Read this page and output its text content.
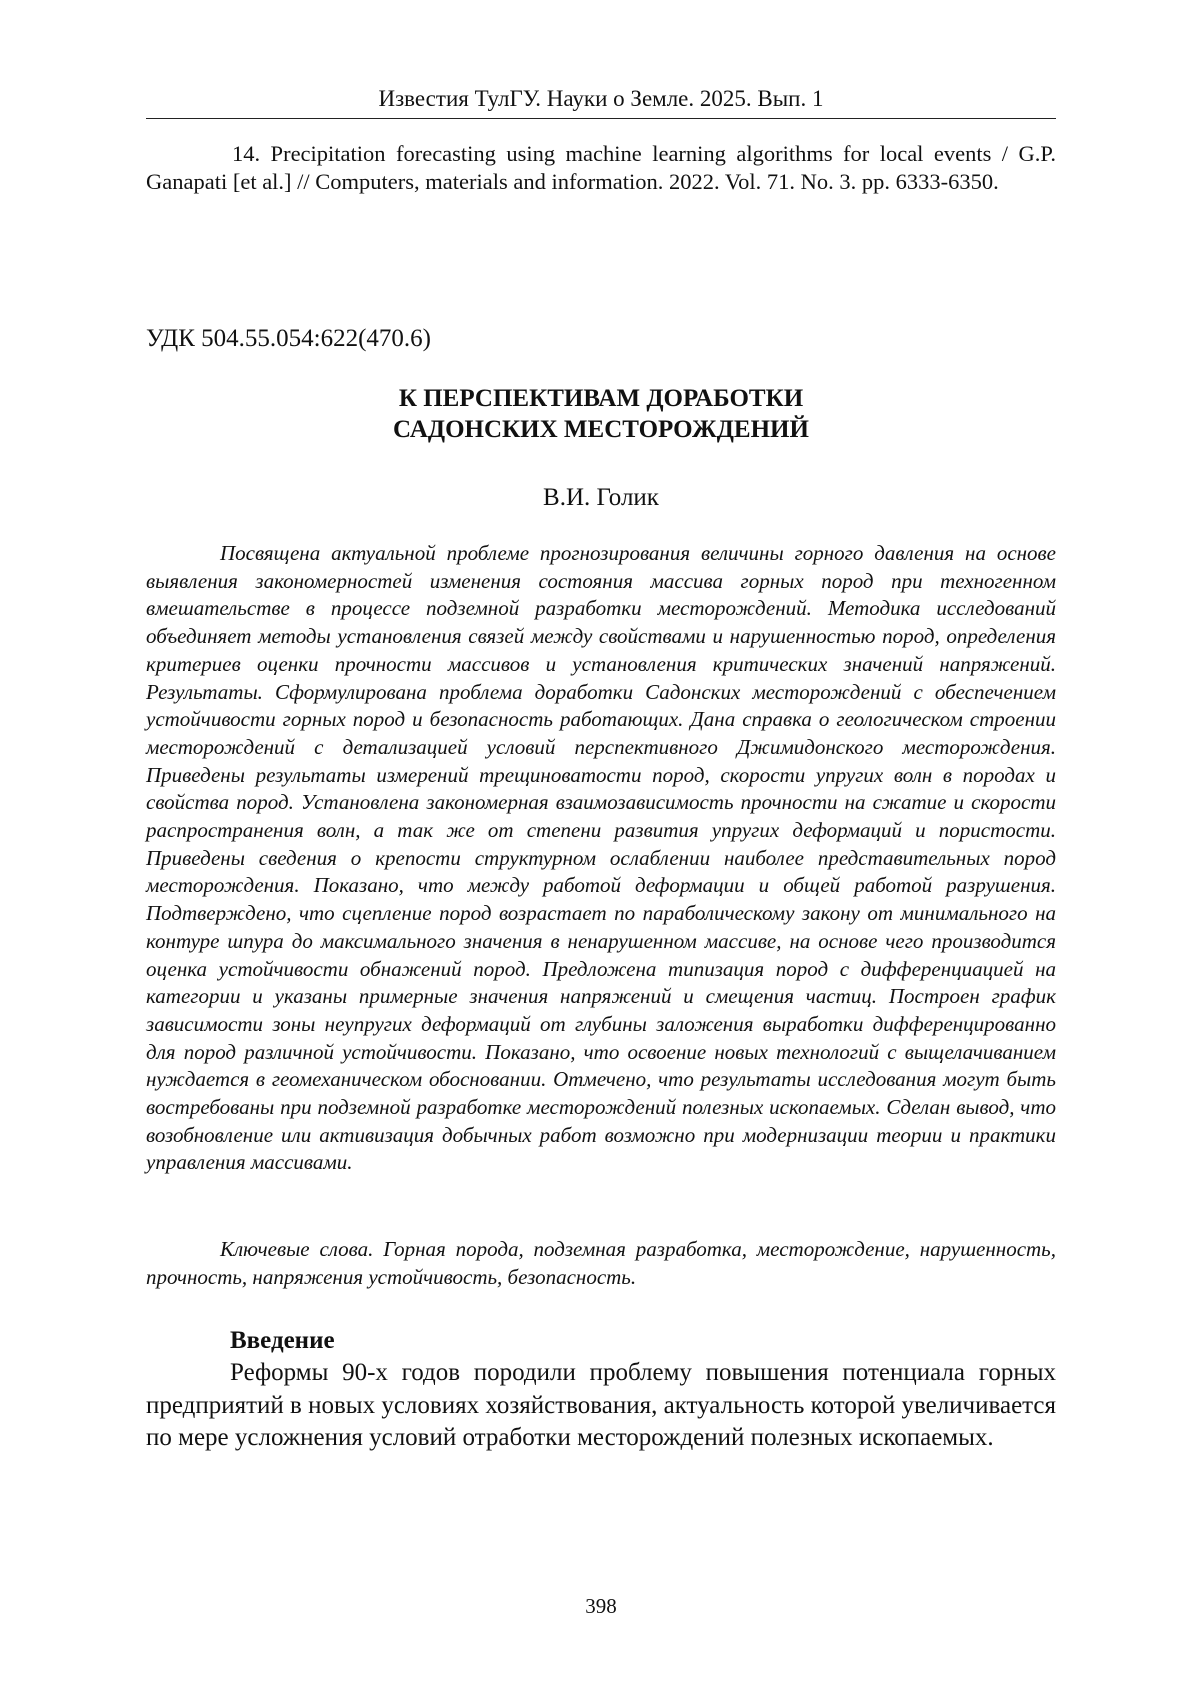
Известия ТулГУ. Науки о Земле. 2025. Вып. 1

14. Precipitation forecasting using machine learning algorithms for local events / G.P. Ganapati [et al.] // Computers, materials and information. 2022. Vol. 71. No. 3. pp. 6333-6350.

УДК 504.55.054:622(470.6)
К ПЕРСПЕКТИВАМ ДОРАБОТКИ
САДОНСКИХ МЕСТОРОЖДЕНИЙ
В.И. Голик

Посвящена актуальной проблеме прогнозирования величины горного давления на основе выявления закономерностей изменения состояния массива горных пород при техногенном вмешательстве в процессе подземной разработки месторождений. Методика исследований объединяет методы установления связей между свойствами и нарушенностью пород, определения критериев оценки прочности массивов и установления критических значений напряжений. Результаты. Сформулирована проблема доработки Садонских месторождений с обеспечением устойчивости горных пород и безопасность работающих. Дана справка о геологическом строении месторождений с детализацией условий перспективного Джимидонского месторождения. Приведены результаты измерений трещиноватости пород, скорости упругих волн в породах и свойства пород. Установлена закономерная взаимозависимость прочности на сжатие и скорости распространения волн, а так же от степени развития упругих деформаций и пористости. Приведены сведения о крепости структурном ослаблении наиболее представительных пород месторождения. Показано, что между работой деформации и общей работой разрушения. Подтверждено, что сцепление пород возрастает по параболическому закону от минимального на контуре шпура до максимального значения в ненарушенном массиве, на основе чего производится оценка устойчивости обнажений пород. Предложена типизация пород с дифференциацией на категории и указаны примерные значения напряжений и смещения частиц. Построен график зависимости зоны неупругих деформаций от глубины заложения выработки дифференцированно для пород различной устойчивости. Показано, что освоение новых технологий с выщелачиванием нуждается в геомеханическом обосновании. Отмечено, что результаты исследования могут быть востребованы при подземной разработке месторождений полезных ископаемых. Сделан вывод, что возобновление или активизация добычных работ возможно при модернизации теории и практики управления массивами.

Ключевые слова. Горная порода, подземная разработка, месторождение, нарушенность, прочность, напряжения устойчивость, безопасность.

Введение

Реформы 90-х годов породили проблему повышения потенциала горных предприятий в новых условиях хозяйствования, актуальность которой увеличивается по мере усложнения условий отработки месторождений полезных ископаемых.

398
